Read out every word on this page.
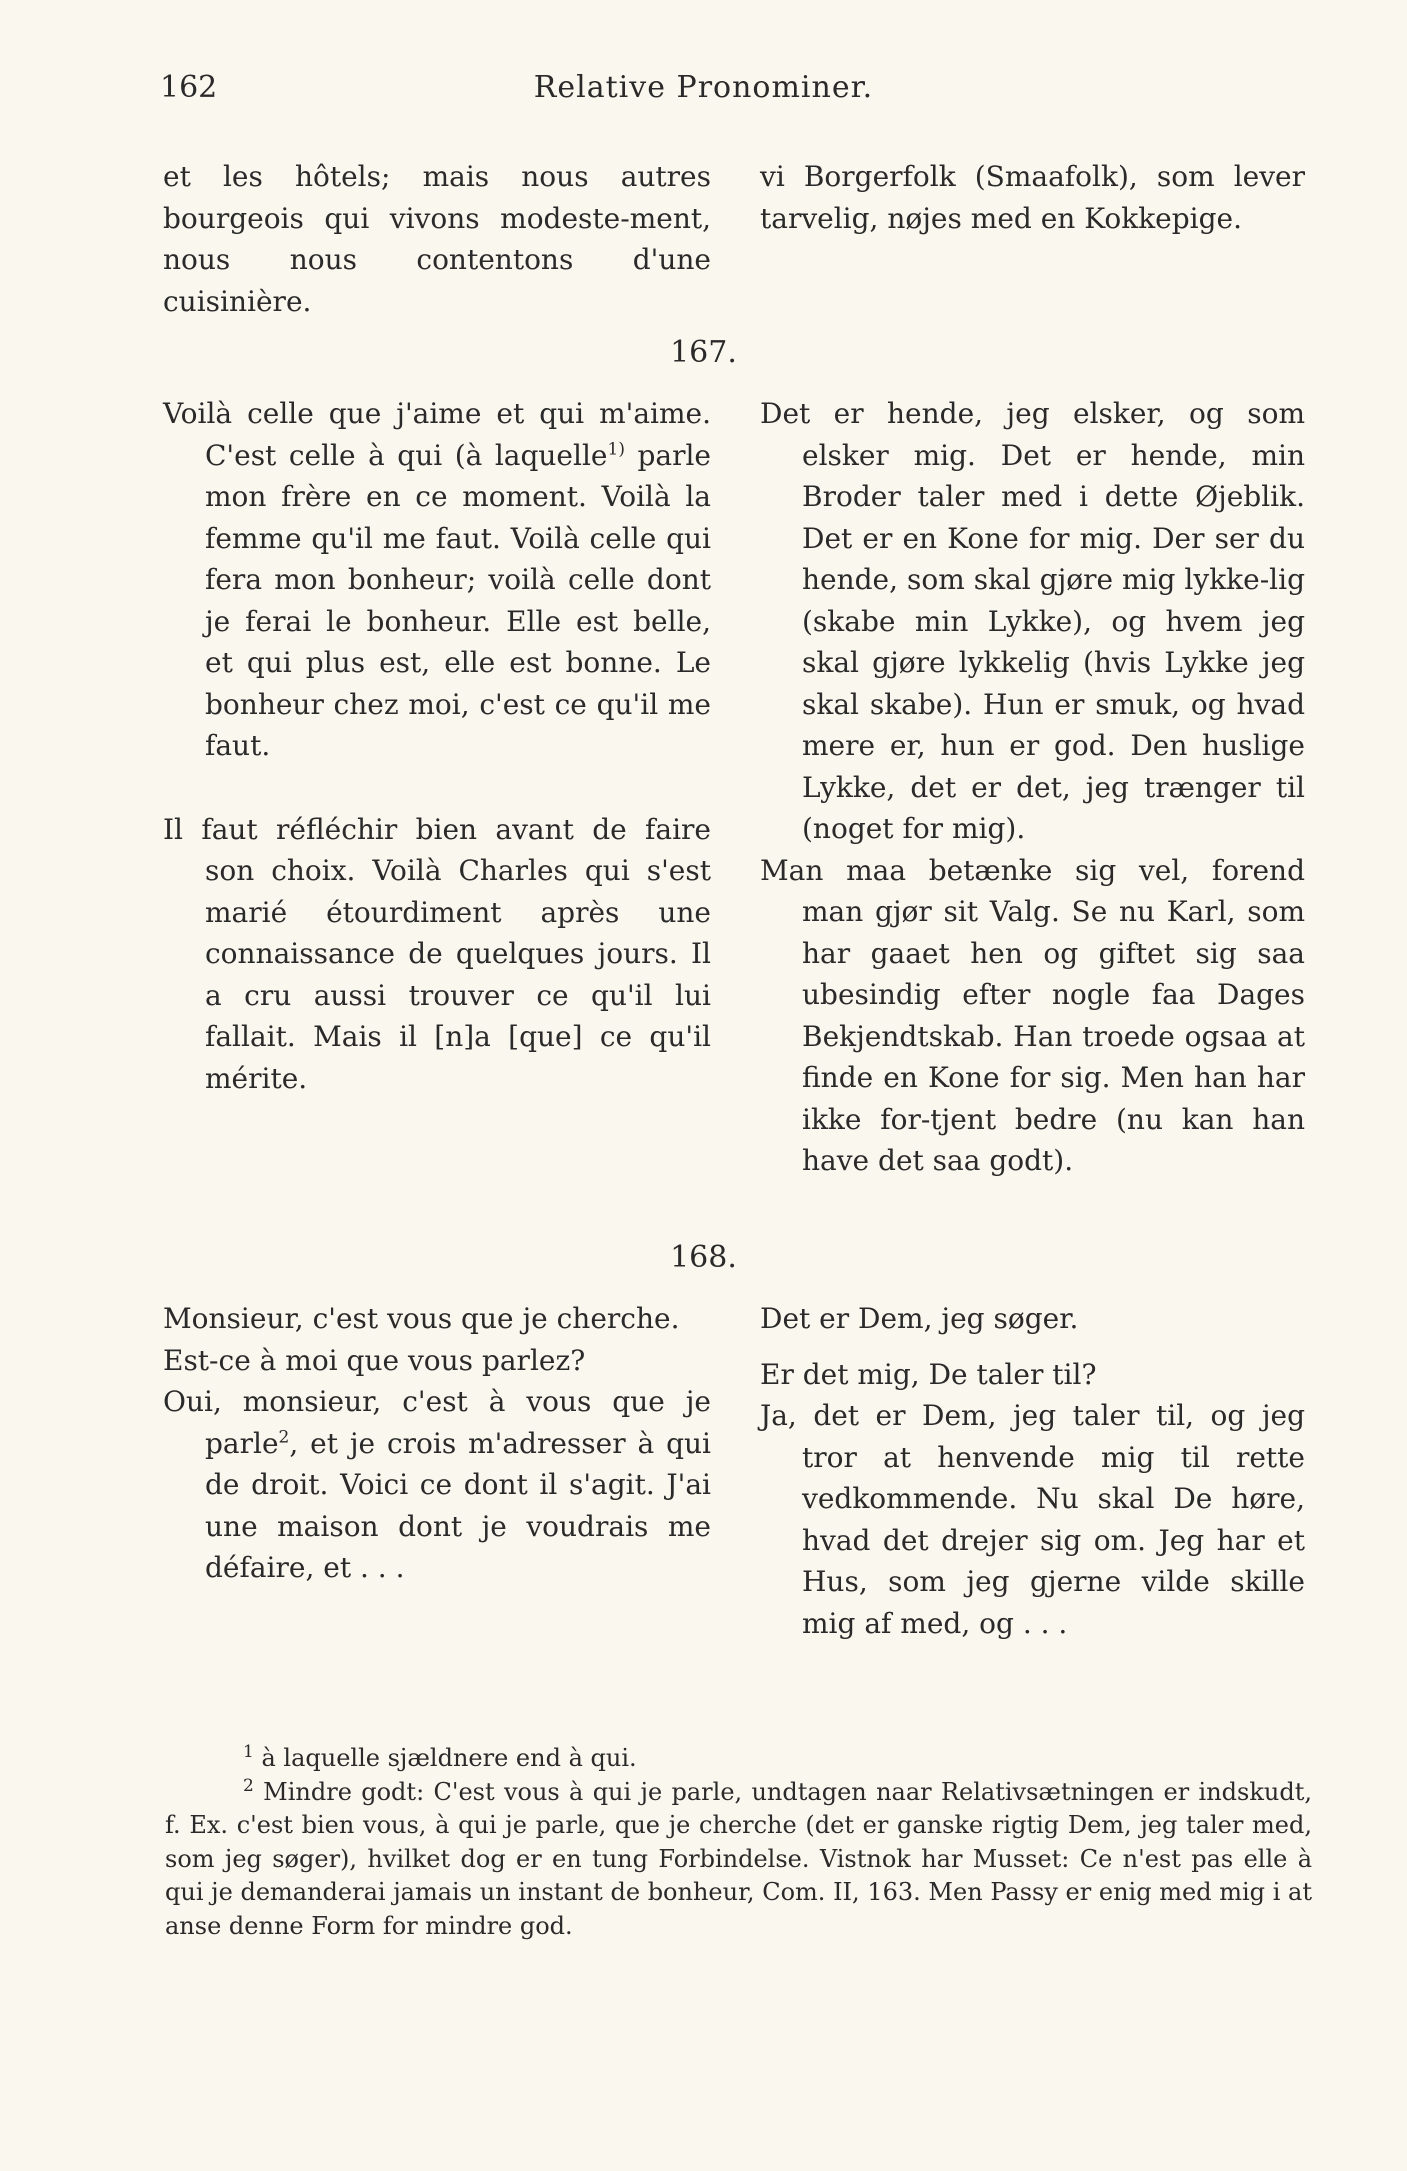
162	Relative Pronominer.

et les hôtels; mais nous autres bourgeois qui vivons modeste-ment, nous nous contentons d'une cuisinière.

vi Borgerfolk (Smaafolk), som lever tarvelig, nøjes med en Kokkepige.

167.

Voilà celle que j'aime et qui m'aime. C'est celle à qui (à laquelle$^{1)}$ parle mon frère en ce moment. Voilà la femme qu'il me faut. Voilà celle qui fera mon bonheur; voilà celle dont je ferai le bonheur. Elle est belle, et qui plus est, elle est bonne. Le bonheur chez moi, c'est ce qu'il me faut.

Il faut réfléchir bien avant de faire son choix. Voilà Charles qui s'est marié étourdiment après une connaissance de quelques jours. Il a cru aussi trouver ce qu'il lui fallait. Mais il [n]a [que] ce qu'il mérite.

Det er hende, jeg elsker, og som elsker mig. Det er hende, min Broder taler med i dette Øjeblik. Det er en Kone for mig. Der ser du hende, som skal gjøre mig lykke-lig (skabe min Lykke), og hvem jeg skal gjøre lykkelig (hvis Lykke jeg skal skabe). Hun er smuk, og hvad mere er, hun er god. Den huslige Lykke, det er det, jeg trænger til (noget for mig).

Man maa betænke sig vel, forend man gjør sit Valg. Se nu Karl, som har gaaet hen og giftet sig saa ubesindig efter nogle faa Dages Bekjendtskab. Han troede ogsaa at finde en Kone for sig. Men han har ikke for-tjent bedre (nu kan han have det saa godt).

168.

Monsieur, c'est vous que je cherche.

Est-ce à moi que vous parlez?

Oui, monsieur, c'est à vous que je parle$^2$, et je crois m'adresser à qui de droit. Voici ce dont il s'agit. J'ai une maison dont je voudrais me défaire, et . . .

Det er Dem, jeg søger.

Er det mig, De taler til?

Ja, det er Dem, jeg taler til, og jeg tror at henvende mig til rette vedkommende. Nu skal De høre, hvad det drejer sig om. Jeg har et Hus, som jeg gjerne vilde skille mig af med, og . . .

$^1$ à laquelle sjældnere end à qui.

$^2$ Mindre godt: C'est vous à qui je parle, undtagen naar Relativsætningen er indskudt, f. Ex. c'est bien vous, à qui je parle, que je cherche (det er ganske rigtig Dem, jeg taler med, som jeg søger), hvilket dog er en tung Forbindelse. Vistnok har Musset: Ce n'est pas elle à qui je demanderai jamais un instant de bonheur, Com. II, 163. Men Passy er enig med mig i at anse denne Form for mindre god.
